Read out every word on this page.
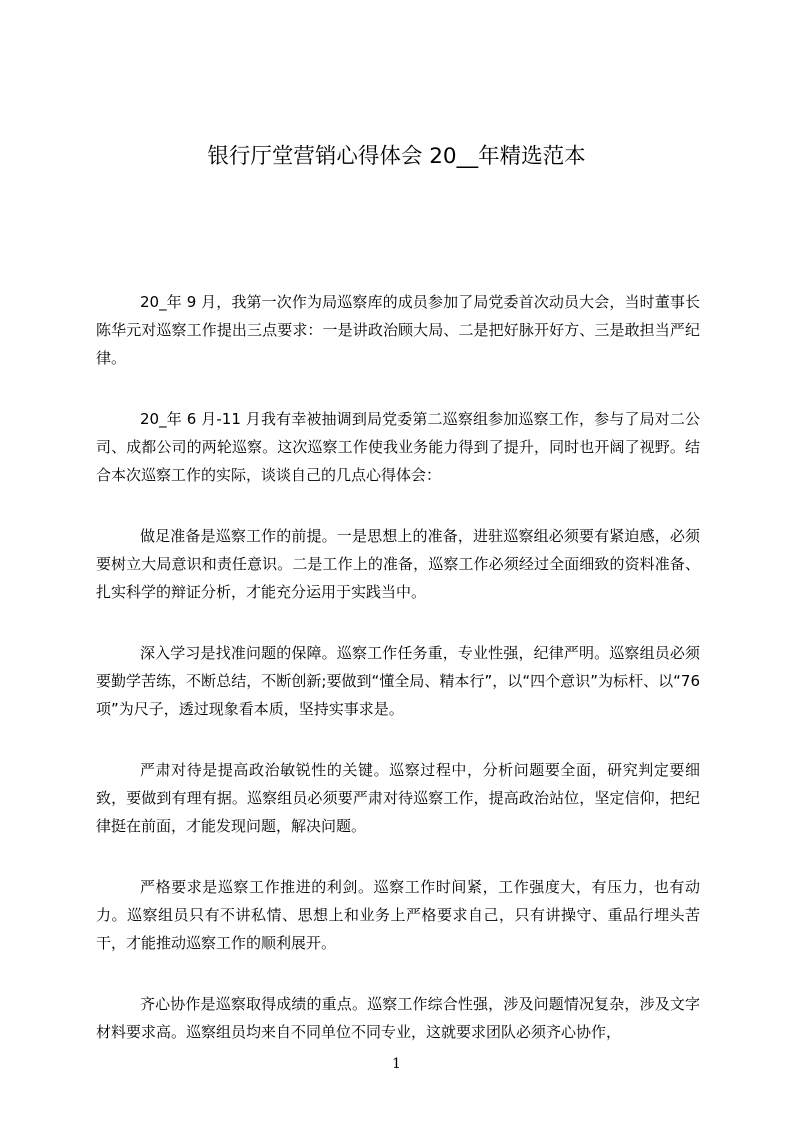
银行厅堂营销心得体会 20__年精选范本

20_年 9 月，我第一次作为局巡察库的成员参加了局党委首次动员大会，当时董事长陈华元对巡察工作提出三点要求：一是讲政治顾大局、二是把好脉开好方、三是敢担当严纪律。

20_年 6 月-11 月我有幸被抽调到局党委第二巡察组参加巡察工作，参与了局对二公司、成都公司的两轮巡察。这次巡察工作使我业务能力得到了提升，同时也开阔了视野。结合本次巡察工作的实际，谈谈自己的几点心得体会：

做足准备是巡察工作的前提。一是思想上的准备，进驻巡察组必须要有紧迫感，必须要树立大局意识和责任意识。二是工作上的准备，巡察工作必须经过全面细致的资料准备、扎实科学的辩证分析，才能充分运用于实践当中。

深入学习是找准问题的保障。巡察工作任务重，专业性强，纪律严明。巡察组员必须要勤学苦练，不断总结，不断创新;要做到“懂全局、精本行”，以“四个意识”为标杆、以“76 项”为尺子，透过现象看本质，坚持实事求是。

严肃对待是提高政治敏锐性的关键。巡察过程中，分析问题要全面，研究判定要细致，要做到有理有据。巡察组员必须要严肃对待巡察工作，提高政治站位，坚定信仰，把纪律挺在前面，才能发现问题，解决问题。

严格要求是巡察工作推进的利剑。巡察工作时间紧，工作强度大，有压力，也有动力。巡察组员只有不讲私情、思想上和业务上严格要求自己，只有讲操守、重品行埋头苦干，才能推动巡察工作的顺利展开。

齐心协作是巡察取得成绩的重点。巡察工作综合性强，涉及问题情况复杂，涉及文字材料要求高。巡察组员均来自不同单位不同专业，这就要求团队必须齐心协作，

1
